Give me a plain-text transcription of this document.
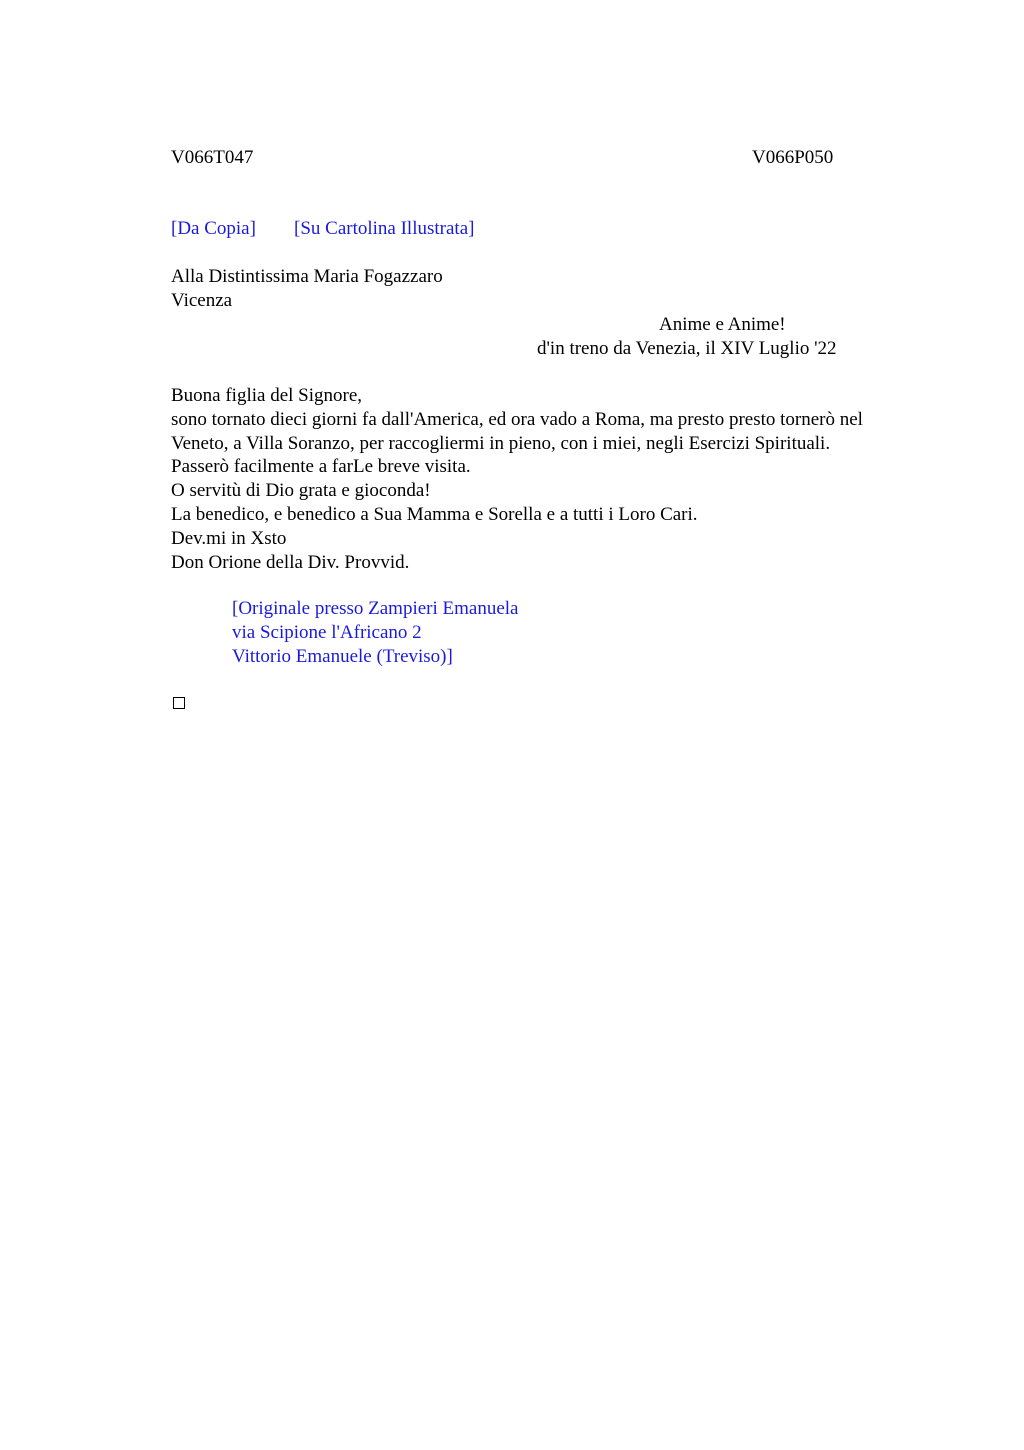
V066T047	V066P050
[Da Copia] [Su Cartolina Illustrata]
Alla Distintissima Maria Fogazzaro
Vicenza
Anime e Anime!
d'in treno da Venezia, il XIV Luglio '22
Buona figlia del Signore,
sono tornato dieci giorni fa dall'America, ed ora vado a Roma, ma presto presto tornerò nel
Veneto, a Villa Soranzo, per raccogliermi in pieno, con i miei, negli Esercizi Spirituali.
Passerò facilmente a farLe breve visita.
O servitù di Dio grata e gioconda!
La benedico, e benedico a Sua Mamma e Sorella e a tutti i Loro Cari.
Dev.mi in Xsto
Don Orione della Div. Provvid.
[Originale presso Zampieri Emanuela
via Scipione l'Africano 2
Vittorio Emanuele (Treviso)]
